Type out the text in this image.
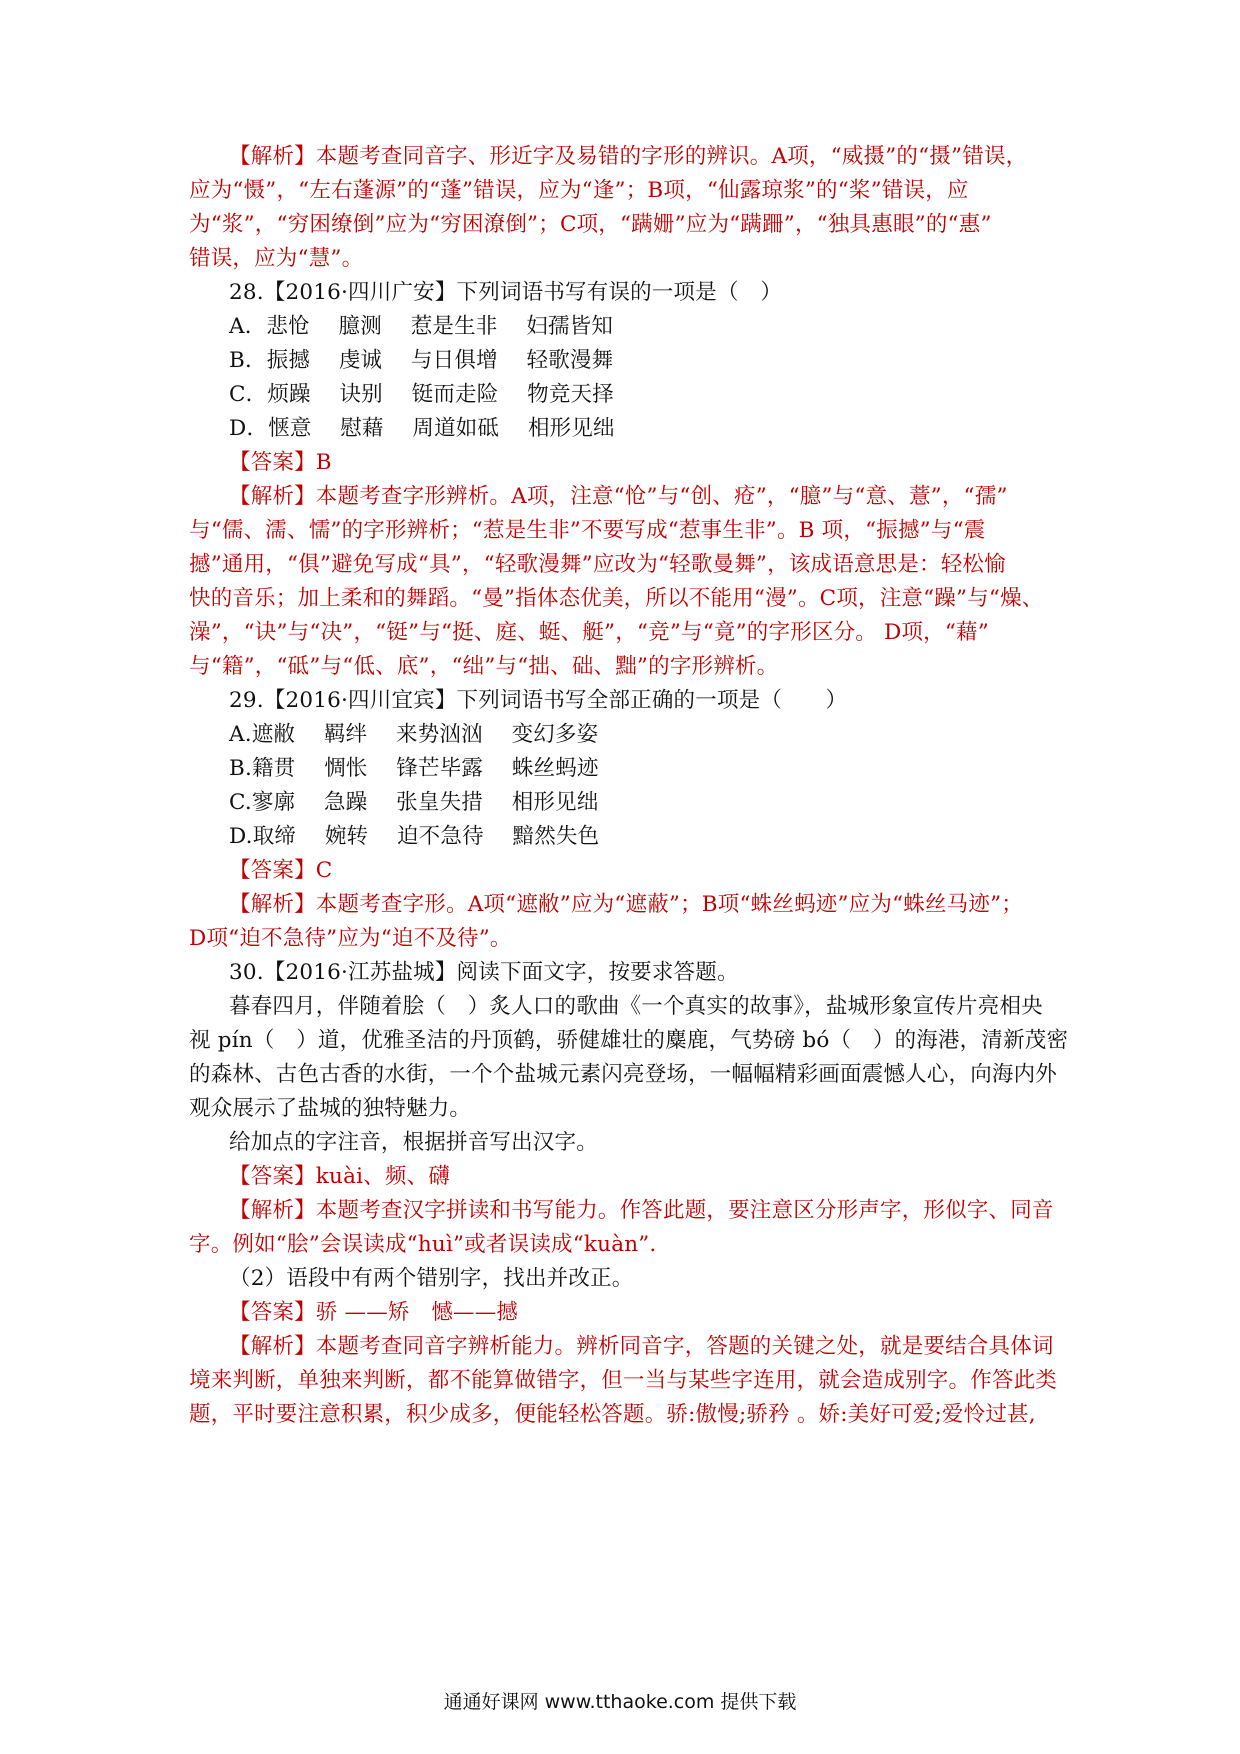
【解析】本题考查同音字、形近字及易错的字形的辨识。A项，“威摄”的“摄”错误，
应为“慑”，“左右蓬源”的“蓬”错误，应为“逢”；B项，“仙露琼浆”的“桨”错误，应
为“浆”，“穷困缭倒”应为“穷困潦倒”；C项，“蹒姗”应为“蹒跚”，“独具惠眼”的“惠”
错误，应为“慧”。
28.【2016·四川广安】下列词语书写有误的一项是（　）
A．悲怆　 臆测　 惹是生非　 妇孺皆知
B．振撼　 虔诚　 与日俱增　 轻歌漫舞
C．烦躁　 诀别　 铤而走险　 物竞天择
D．惬意　 慰藉　 周道如砥　 相形见绌
【答案】B
【解析】本题考查字形辨析。A项，注意“怆”与“创、疮”，“臆”与“意、薏”，“孺”
与“儒、濡、懦”的字形辨析；“惹是生非”不要写成“惹事生非”。B 项，“振撼”与“震
撼”通用，“俱”避免写成“具”，“轻歌漫舞”应改为“轻歌曼舞”，该成语意思是：轻松愉
快的音乐；加上柔和的舞蹈。“曼”指体态优美，所以不能用“漫”。C项，注意“躁”与“燥、
澡”，“诀”与“决”，“铤”与“挺、庭、蜓、艇”，“竞”与“竟”的字形区分。 D项，“藉”
与“籍”，“砥”与“低、底”，“绌”与“拙、础、黜”的字形辨析。
29.【2016·四川宜宾】下列词语书写全部正确的一项是（　　）
A.遮敝　 羁绊　 来势汹汹　 变幻多姿
B.籍贯　 惆怅　 锋芒毕露　 蛛丝蚂迹
C.寥廓　 急躁　 张皇失措　 相形见绌
D.取缔　 婉转　 迫不急待　 黯然失色
【答案】C
【解析】本题考查字形。A项“遮敝”应为“遮蔽”；B项“蛛丝蚂迹”应为“蛛丝马迹”；
D项“迫不急待”应为“迫不及待”。
30.【2016·江苏盐城】阅读下面文字，按要求答题。
暮春四月，伴随着脍（　）炙人口的歌曲《一个真实的故事》，盐城形象宣传片亮相央
视 pín（　）道，优雅圣洁的丹顶鹤，骄健雄壮的麋鹿，气势磅 bó（　）的海港，清新茂密
的森林、古色古香的水街，一个个盐城元素闪亮登场，一幅幅精彩画面震憾人心，向海内外
观众展示了盐城的独特魅力。
给加点的字注音，根据拼音写出汉字。
【答案】kuài、频、礴
【解析】本题考查汉字拼读和书写能力。作答此题，要注意区分形声字，形似字、同音
字。例如“脍”会误读成“huì”或者误读成“kuàn”．
（2）语段中有两个错别字，找出并改正。
【答案】骄 ——矫　憾——撼
【解析】本题考查同音字辨析能力。辨析同音字，答题的关键之处，就是要结合具体词
境来判断，单独来判断，都不能算做错字，但一当与某些字连用，就会造成别字。作答此类
题，平时要注意积累，积少成多，便能轻松答题。骄:傲慢;骄矜 。娇:美好可爱;爱怜过甚,
通通好课网 www.tthaoke.com 提供下载
